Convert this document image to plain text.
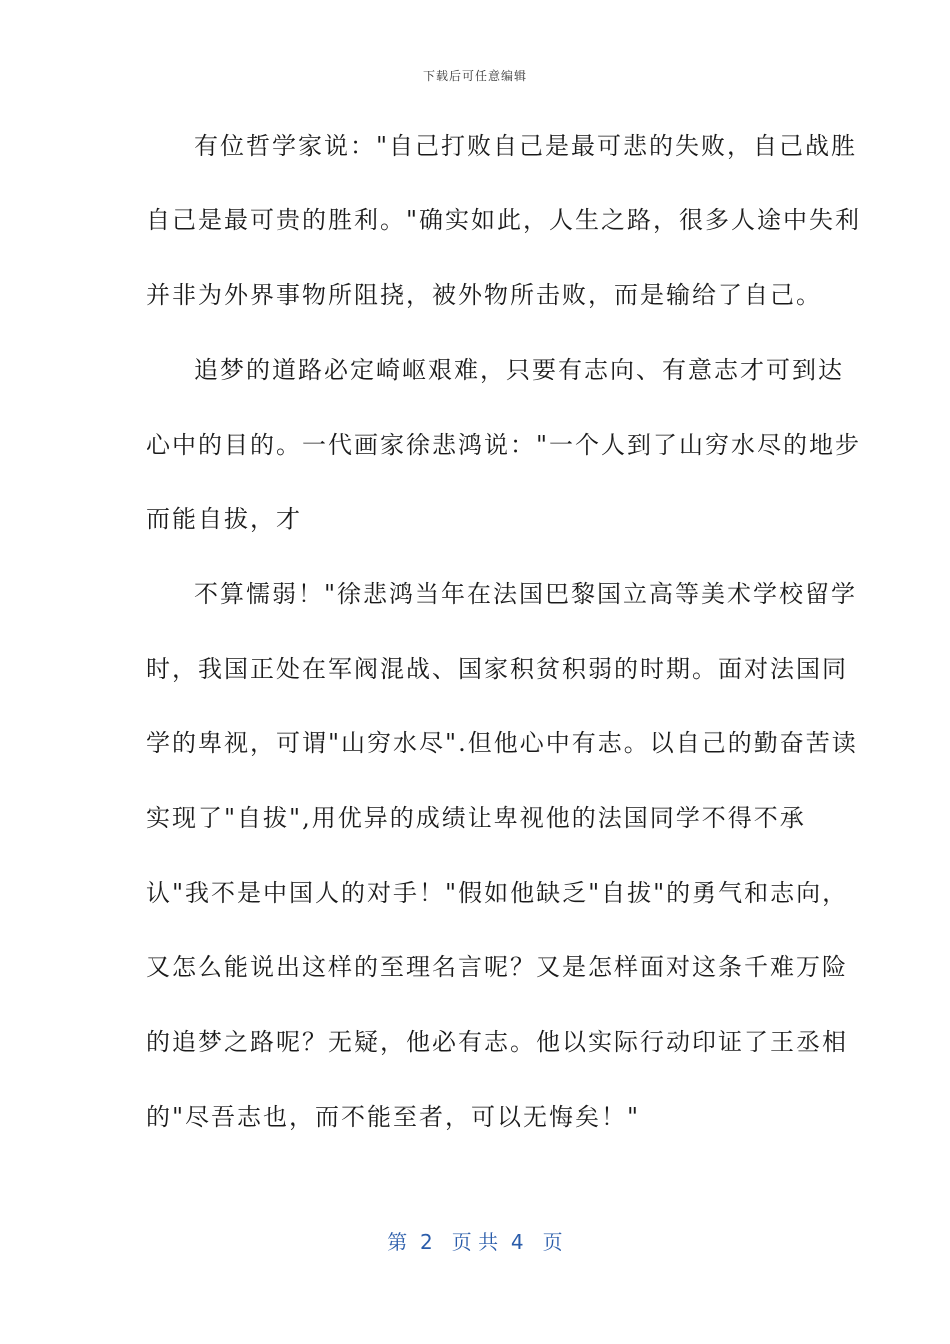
下载后可任意编辑
有位哲学家说："自己打败自己是最可悲的失败，自己战胜
自己是最可贵的胜利。"确实如此，人生之路，很多人途中失利
并非为外界事物所阻挠，被外物所击败，而是输给了自己。
追梦的道路必定崎岖艰难，只要有志向、有意志才可到达
心中的目的。一代画家徐悲鸿说："一个人到了山穷水尽的地步
而能自拔，才
不算懦弱！"徐悲鸿当年在法国巴黎国立高等美术学校留学
时，我国正处在军阀混战、国家积贫积弱的时期。面对法国同
学的卑视，可谓"山穷水尽".但他心中有志。以自己的勤奋苦读
实现了"自拔",用优异的成绩让卑视他的法国同学不得不承
认"我不是中国人的对手！"假如他缺乏"自拔"的勇气和志向，
又怎么能说出这样的至理名言呢？又是怎样面对这条千难万险
的追梦之路呢？无疑，他必有志。他以实际行动印证了王丞相
的"尽吾志也，而不能至者，可以无悔矣！"
第  2   页 共  4   页
